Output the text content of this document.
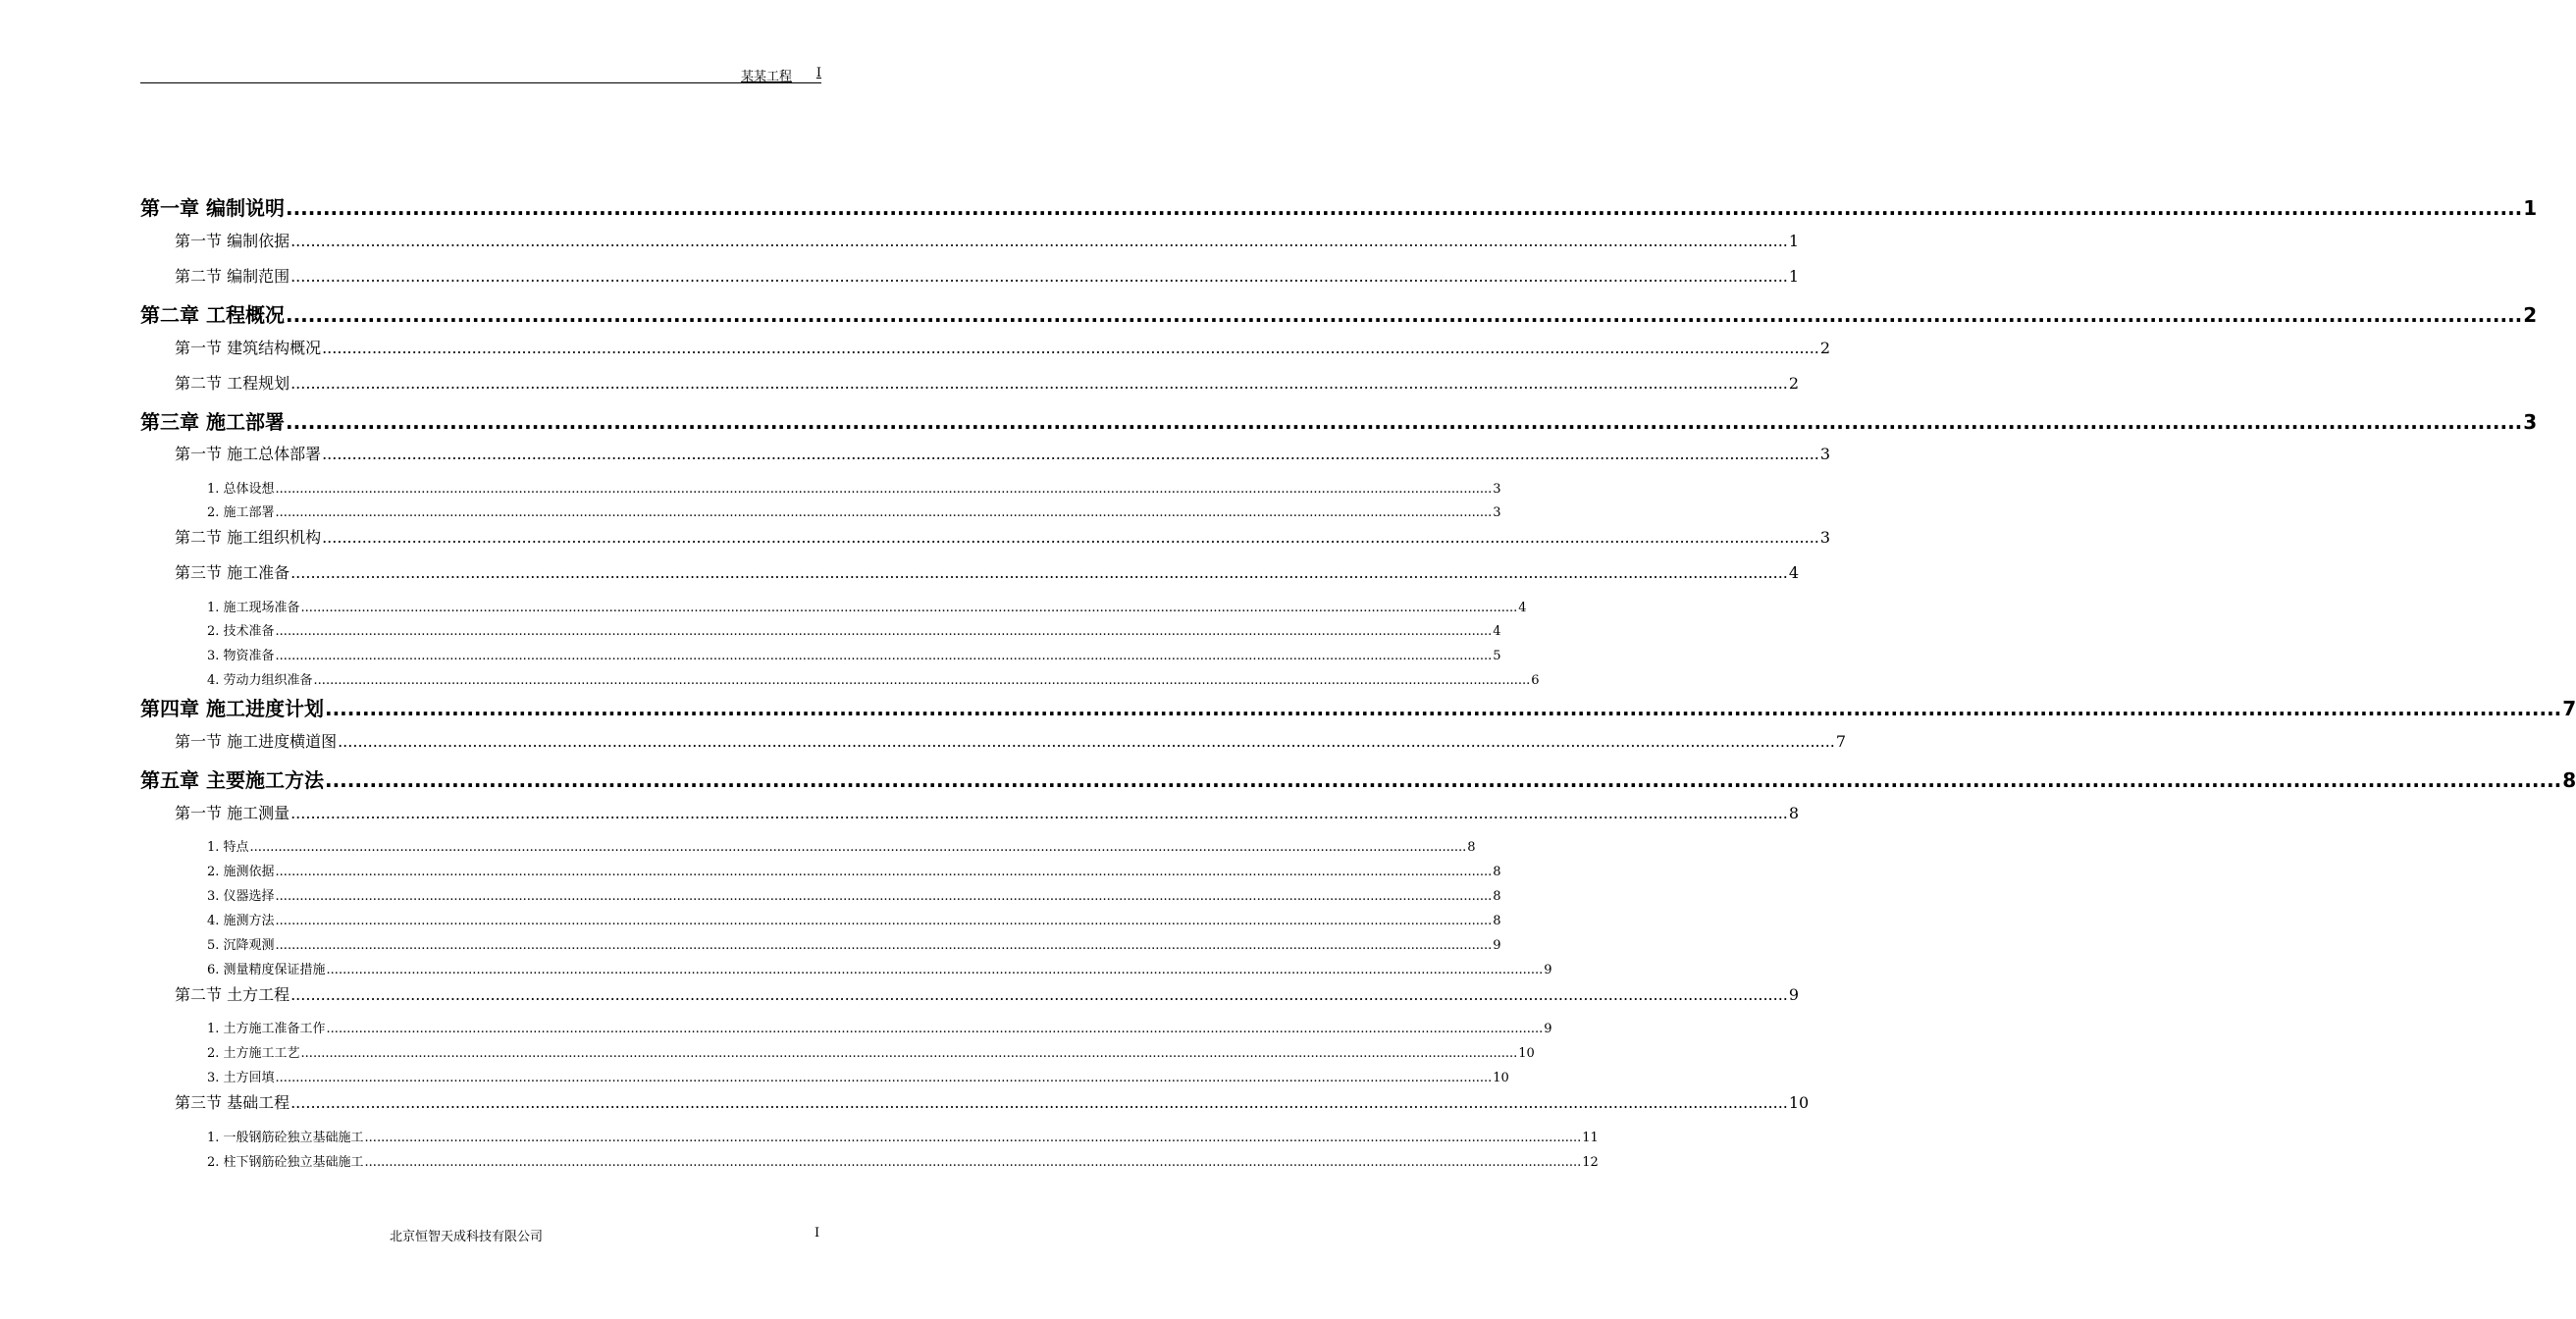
某某工程 I
第一章 编制说明 ............................................................................................................................................................................................................................................................................................................ 1
第一节 编制依据 ............................................................................................................................................................................................................................................................................................................ 1
第二节 编制范围 ............................................................................................................................................................................................................................................................................................................ 1
第二章 工程概况 ............................................................................................................................................................................................................................................................................................................ 2
第一节 建筑结构概况 ............................................................................................................................................................................................................................................................................................................ 2
第二节 工程规划 ............................................................................................................................................................................................................................................................................................................ 2
第三章 施工部署 ............................................................................................................................................................................................................................................................................................................ 3
第一节 施工总体部署 ............................................................................................................................................................................................................................................................................................................ 3
1. 总体设想 ............................................................................................................................................................................................................................................................................................................ 3
2. 施工部署 ............................................................................................................................................................................................................................................................................................................ 3
第二节 施工组织机构 ............................................................................................................................................................................................................................................................................................................ 3
第三节 施工准备 ............................................................................................................................................................................................................................................................................................................ 4
1. 施工现场准备 ............................................................................................................................................................................................................................................................................................................ 4
2. 技术准备 ............................................................................................................................................................................................................................................................................................................ 4
3. 物资准备 ............................................................................................................................................................................................................................................................................................................ 5
4. 劳动力组织准备 ............................................................................................................................................................................................................................................................................................................ 6
第四章 施工进度计划 ............................................................................................................................................................................................................................................................................................................ 7
第一节 施工进度横道图 ............................................................................................................................................................................................................................................................................................................ 7
第五章 主要施工方法 ............................................................................................................................................................................................................................................................................................................ 8
第一节 施工测量 ............................................................................................................................................................................................................................................................................................................ 8
1. 特点 ............................................................................................................................................................................................................................................................................................................ 8
2. 施测依据 ............................................................................................................................................................................................................................................................................................................ 8
3. 仪器选择 ............................................................................................................................................................................................................................................................................................................ 8
4. 施测方法 ............................................................................................................................................................................................................................................................................................................ 8
5. 沉降观测 ............................................................................................................................................................................................................................................................................................................ 9
6. 测量精度保证措施 ............................................................................................................................................................................................................................................................................................................ 9
第二节 土方工程 ............................................................................................................................................................................................................................................................................................................ 9
1. 土方施工准备工作 ............................................................................................................................................................................................................................................................................................................ 9
2. 土方施工工艺 ............................................................................................................................................................................................................................................................................................................ 10
3. 土方回填 ............................................................................................................................................................................................................................................................................................................ 10
第三节 基础工程 ............................................................................................................................................................................................................................................................................................................ 10
1. 一般钢筋砼独立基础施工 ............................................................................................................................................................................................................................................................................................................ 11
2. 柱下钢筋砼独立基础施工 ............................................................................................................................................................................................................................................................................................................ 12
北京恒智天成科技有限公司	I
